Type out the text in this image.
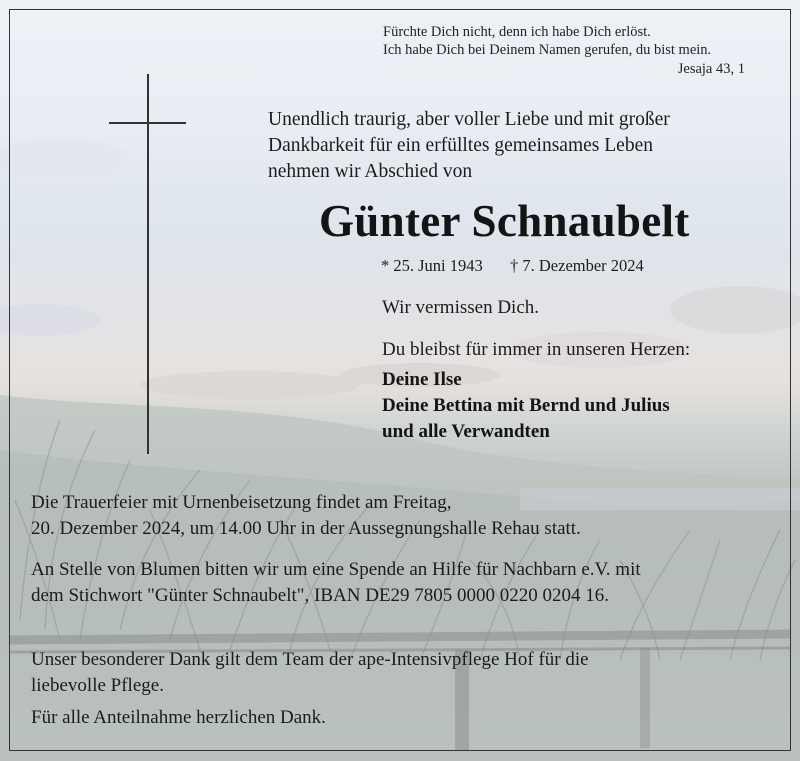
Fürchte Dich nicht, denn ich habe Dich erlöst.
Ich habe Dich bei Deinem Namen gerufen, du bist mein.
Jesaja 43, 1
Unendlich traurig, aber voller Liebe und mit großer
Dankbarkeit für ein erfülltes gemeinsames Leben
nehmen wir Abschied von
Günter Schnaubelt
* 25. Juni 1943 † 7. Dezember 2024
Wir vermissen Dich.
Du bleibst für immer in unseren Herzen:
Deine Ilse
Deine Bettina mit Bernd und Julius
und alle Verwandten
Die Trauerfeier mit Urnenbeisetzung findet am Freitag,
20. Dezember 2024, um 14.00 Uhr in der Aussegnungshalle Rehau statt.
An Stelle von Blumen bitten wir um eine Spende an Hilfe für Nachbarn e.V. mit
dem Stichwort "Günter Schnaubelt", IBAN DE29 7805 0000 0220 0204 16.
Unser besonderer Dank gilt dem Team der ape-Intensivpflege Hof für die
liebevolle Pflege.
Für alle Anteilnahme herzlichen Dank.
